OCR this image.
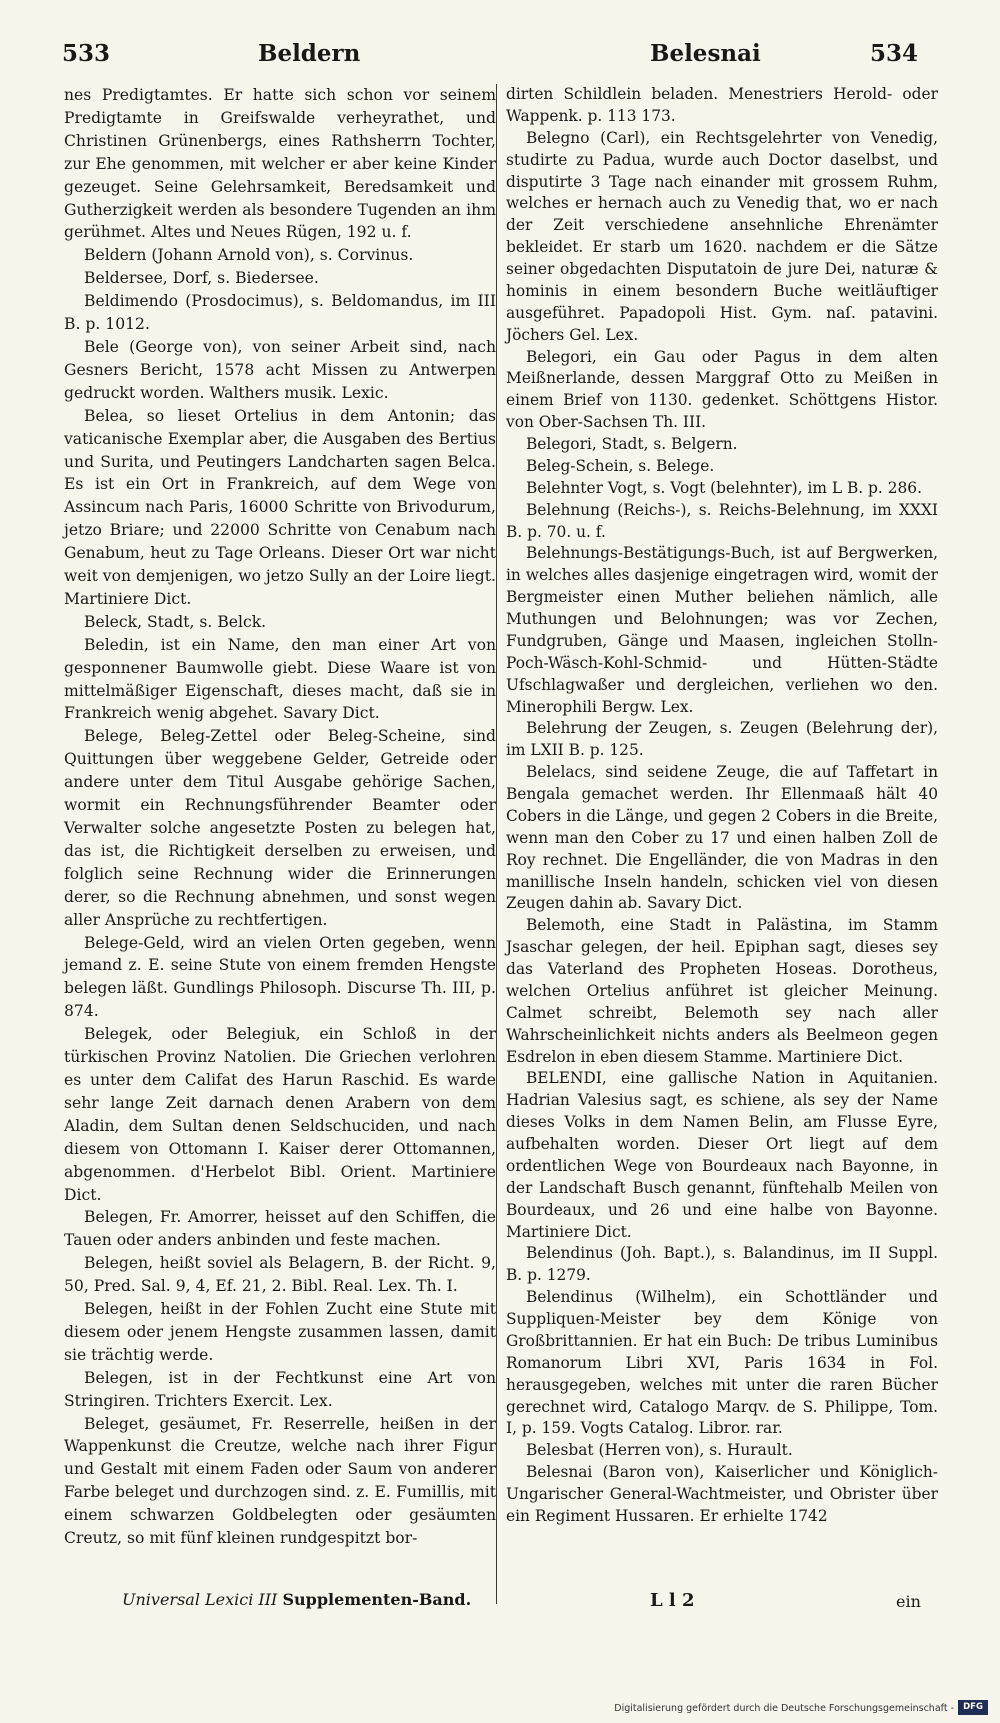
533	Beldern	Belesnai	534

nes Predigtamtes. Er hatte sich schon vor seinem Predigtamte in Greifswalde verheyrathet, und Christinen Grünenbergs, eines Rathsherrn Tochter, zur Ehe genommen, mit welcher er aber keine Kinder gezeuget. Seine Gelehrsamkeit, Beredsamkeit und Gutherzigkeit werden als besondere Tugenden an ihm gerühmet. Altes und Neues Rügen, 192 u. f.

Beldern (Johann Arnold von), s. Corvinus.

Beldersee, Dorf, s. Biedersee.

Beldimendo (Prosdocimus), s. Beldomandus, im III B. p. 1012.

Bele (George von), von seiner Arbeit sind, nach Gesners Bericht, 1578 acht Missen zu Antwerpen gedruckt worden. Walthers musik. Lexic.

Belea, so lieset Ortelius in dem Antonin; das vaticanische Exemplar aber, die Ausgaben des Bertius und Surita, und Peutingers Landcharten sagen Belca. Es ist ein Ort in Frankreich, auf dem Wege von Assincum nach Paris, 16000 Schritte von Brivodurum, jetzo Briare; und 22000 Schritte von Cenabum nach Genabum, heut zu Tage Orleans. Dieser Ort war nicht weit von demjenigen, wo jetzo Sully an der Loire liegt. Martiniere Dict.

Beleck, Stadt, s. Belck.

Beledin, ist ein Name, den man einer Art von gesponnener Baumwolle giebt. Diese Waare ist von mittelmäßiger Eigenschaft, dieses macht, daß sie in Frankreich wenig abgehet. Savary Dict.

Belege, Beleg-Zettel oder Beleg-Scheine, sind Quittungen über weggebene Gelder, Getreide oder andere unter dem Titul Ausgabe gehörige Sachen, wormit ein Rechnungsführender Beamter oder Verwalter solche angesetzte Posten zu belegen hat, das ist, die Richtigkeit derselben zu erweisen, und folglich seine Rechnung wider die Erinnerungen derer, so die Rechnung abnehmen, und sonst wegen aller Ansprüche zu rechtfertigen.

Belege-Geld, wird an vielen Orten gegeben, wenn jemand z. E. seine Stute von einem fremden Hengste belegen läßt. Gundlings Philosoph. Discurse Th. III, p. 874.

Belegek, oder Belegiuk, ein Schloß in der türkischen Provinz Natolien. Die Griechen verlohren es unter dem Califat des Harun Raschid. Es warde sehr lange Zeit darnach denen Arabern von dem Aladin, dem Sultan denen Seldschuciden, und nach diesem von Ottomann I. Kaiser derer Ottomannen, abgenommen. d'Herbelot Bibl. Orient. Martiniere Dict.

Belegen, Fr. Amorrer, heisset auf den Schiffen, die Tauen oder anders anbinden und feste machen.

Belegen, heißt soviel als Belagern, B. der Richt. 9, 50, Pred. Sal. 9, 4, Ef. 21, 2. Bibl. Real. Lex. Th. I.

Belegen, heißt in der Fohlen Zucht eine Stute mit diesem oder jenem Hengste zusammen lassen, damit sie trächtig werde.

Belegen, ist in der Fechtkunst eine Art von Stringiren. Trichters Exercit. Lex.

Beleget, gesäumet, Fr. Reserrelle, heißen in der Wappenkunst die Creutze, welche nach ihrer Figur und Gestalt mit einem Faden oder Saum von anderer Farbe beleget und durchzogen sind. z. E. Fumillis, mit einem schwarzen Goldbelegten oder gesäumten Creutz, so mit fünf kleinen rundgespitzt bor-

dirten Schildlein beladen. Menestriers Herold- oder Wappenk. p. 113 173.

Belegno (Carl), ein Rechtsgelehrter von Venedig, studirte zu Padua, wurde auch Doctor daselbst, und disputirte 3 Tage nach einander mit grossem Ruhm, welches er hernach auch zu Venedig that, wo er nach der Zeit verschiedene ansehnliche Ehrenämter bekleidet. Er starb um 1620. nachdem er die Sätze seiner obgedachten Disputatoin de jure Dei, naturæ & hominis in einem besondern Buche weitläuftiger ausgeführet. Papadopoli Hist. Gym. naſ. patavini. Jöchers Gel. Lex.

Belegori, ein Gau oder Pagus in dem alten Meißnerlande, dessen Marggraf Otto zu Meißen in einem Brief von 1130. gedenket. Schöttgens Histor. von Ober-Sachsen Th. III.

Belegori, Stadt, s. Belgern.

Beleg-Schein, s. Belege.

Belehnter Vogt, s. Vogt (belehnter), im L B. p. 286.

Belehnung (Reichs-), s. Reichs-Belehnung, im XXXI B. p. 70. u. f.

Belehnungs-Bestätigungs-Buch, ist auf Bergwerken, in welches alles dasjenige eingetragen wird, womit der Bergmeister einen Muther beliehen nämlich, alle Muthungen und Belohnungen; was vor Zechen, Fundgruben, Gänge und Maasen, ingleichen Stolln-Poch-Wäsch-Kohl-Schmid- und Hütten-Städte Ufschlagwaßer und dergleichen, verliehen wo den. Minerophili Bergw. Lex.

Belehrung der Zeugen, s. Zeugen (Belehrung der), im LXII B. p. 125.

Belelacs, sind seidene Zeuge, die auf Taffetart in Bengala gemachet werden. Ihr Ellenmaaß hält 40 Cobers in die Länge, und gegen 2 Cobers in die Breite, wenn man den Cober zu 17 und einen halben Zoll de Roy rechnet. Die Engelländer, die von Madras in den manillische Inseln handeln, schicken viel von diesen Zeugen dahin ab. Savary Dict.

Belemoth, eine Stadt in Palästina, im Stamm Jsaschar gelegen, der heil. Epiphan sagt, dieses sey das Vaterland des Propheten Hoseas. Dorotheus, welchen Ortelius anführet ist gleicher Meinung. Calmet schreibt, Belemoth sey nach aller Wahrscheinlichkeit nichts anders als Beelmeon gegen Esdrelon in eben diesem Stamme. Martiniere Dict.

BELENDI, eine gallische Nation in Aquitanien. Hadrian Valesius sagt, es schiene, als sey der Name dieses Volks in dem Namen Belin, am Flusse Eyre, aufbehalten worden. Dieser Ort liegt auf dem ordentlichen Wege von Bourdeaux nach Bayonne, in der Landschaft Busch genannt, fünftehalb Meilen von Bourdeaux, und 26 und eine halbe von Bayonne. Martiniere Dict.

Belendinus (Joh. Bapt.), s. Balandinus, im II Suppl. B. p. 1279.

Belendinus (Wilhelm), ein Schottländer und Suppliquen-Meister bey dem Könige von Großbrittannien. Er hat ein Buch: De tribus Luminibus Romanorum Libri XVI, Paris 1634 in Fol. herausgegeben, welches mit unter die raren Bücher gerechnet wird, Catalogo Marqv. de S. Philippe, Tom. I, p. 159. Vogts Catalog. Libror. rar.

Belesbat (Herren von), s. Hurault.

Belesnai (Baron von), Kaiserlicher und Königlich-Ungarischer General-Wachtmeister, und Obrister über ein Regiment Hussaren. Er erhielte 1742

Universal Lexici III Supplementen-Band.	L l 2	ein
Digitalisierung gefördert durch die Deutsche Forschungsgemeinschaft -	DFG
